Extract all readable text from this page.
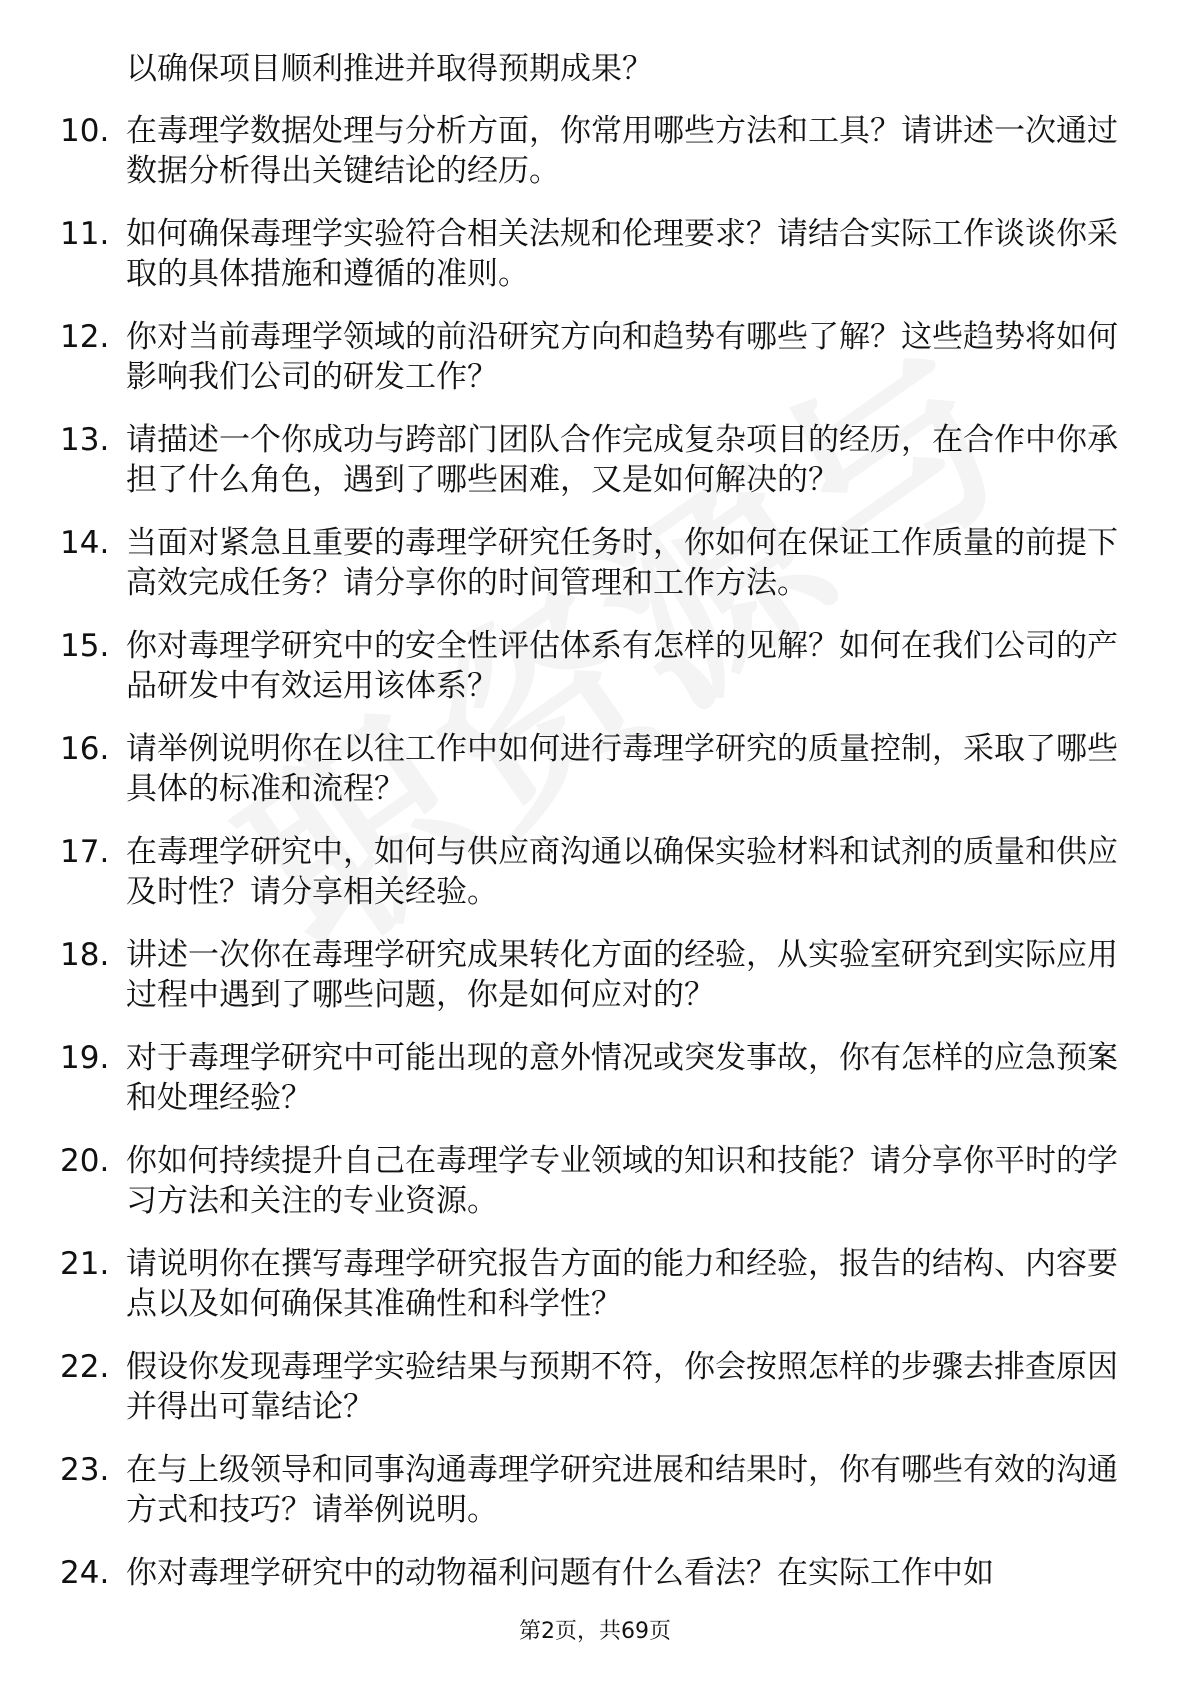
以确保项目顺利推进并取得预期成果？

10. 在毒理学数据处理与分析方面，你常用哪些方法和工具？请讲述一次通过数据分析得出关键结论的经历。
11. 如何确保毒理学实验符合相关法规和伦理要求？请结合实际工作谈谈你采取的具体措施和遵循的准则。
12. 你对当前毒理学领域的前沿研究方向和趋势有哪些了解？这些趋势将如何影响我们公司的研发工作？
13. 请描述一个你成功与跨部门团队合作完成复杂项目的经历，在合作中你承担了什么角色，遇到了哪些困难，又是如何解决的？
14. 当面对紧急且重要的毒理学研究任务时，你如何在保证工作质量的前提下高效完成任务？请分享你的时间管理和工作方法。
15. 你对毒理学研究中的安全性评估体系有怎样的见解？如何在我们公司的产品研发中有效运用该体系？
16. 请举例说明你在以往工作中如何进行毒理学研究的质量控制，采取了哪些具体的标准和流程？
17. 在毒理学研究中，如何与供应商沟通以确保实验材料和试剂的质量和供应及时性？请分享相关经验。
18. 讲述一次你在毒理学研究成果转化方面的经验，从实验室研究到实际应用过程中遇到了哪些问题，你是如何应对的？
19. 对于毒理学研究中可能出现的意外情况或突发事故，你有怎样的应急预案和处理经验？
20. 你如何持续提升自己在毒理学专业领域的知识和技能？请分享你平时的学习方法和关注的专业资源。
21. 请说明你在撰写毒理学研究报告方面的能力和经验，报告的结构、内容要点以及如何确保其准确性和科学性？
22. 假设你发现毒理学实验结果与预期不符，你会按照怎样的步骤去排查原因并得出可靠结论？
23. 在与上级领导和同事沟通毒理学研究进展和结果时，你有哪些有效的沟通方式和技巧？请举例说明。
24. 你对毒理学研究中的动物福利问题有什么看法？在实际工作中如
第2页，共69页
